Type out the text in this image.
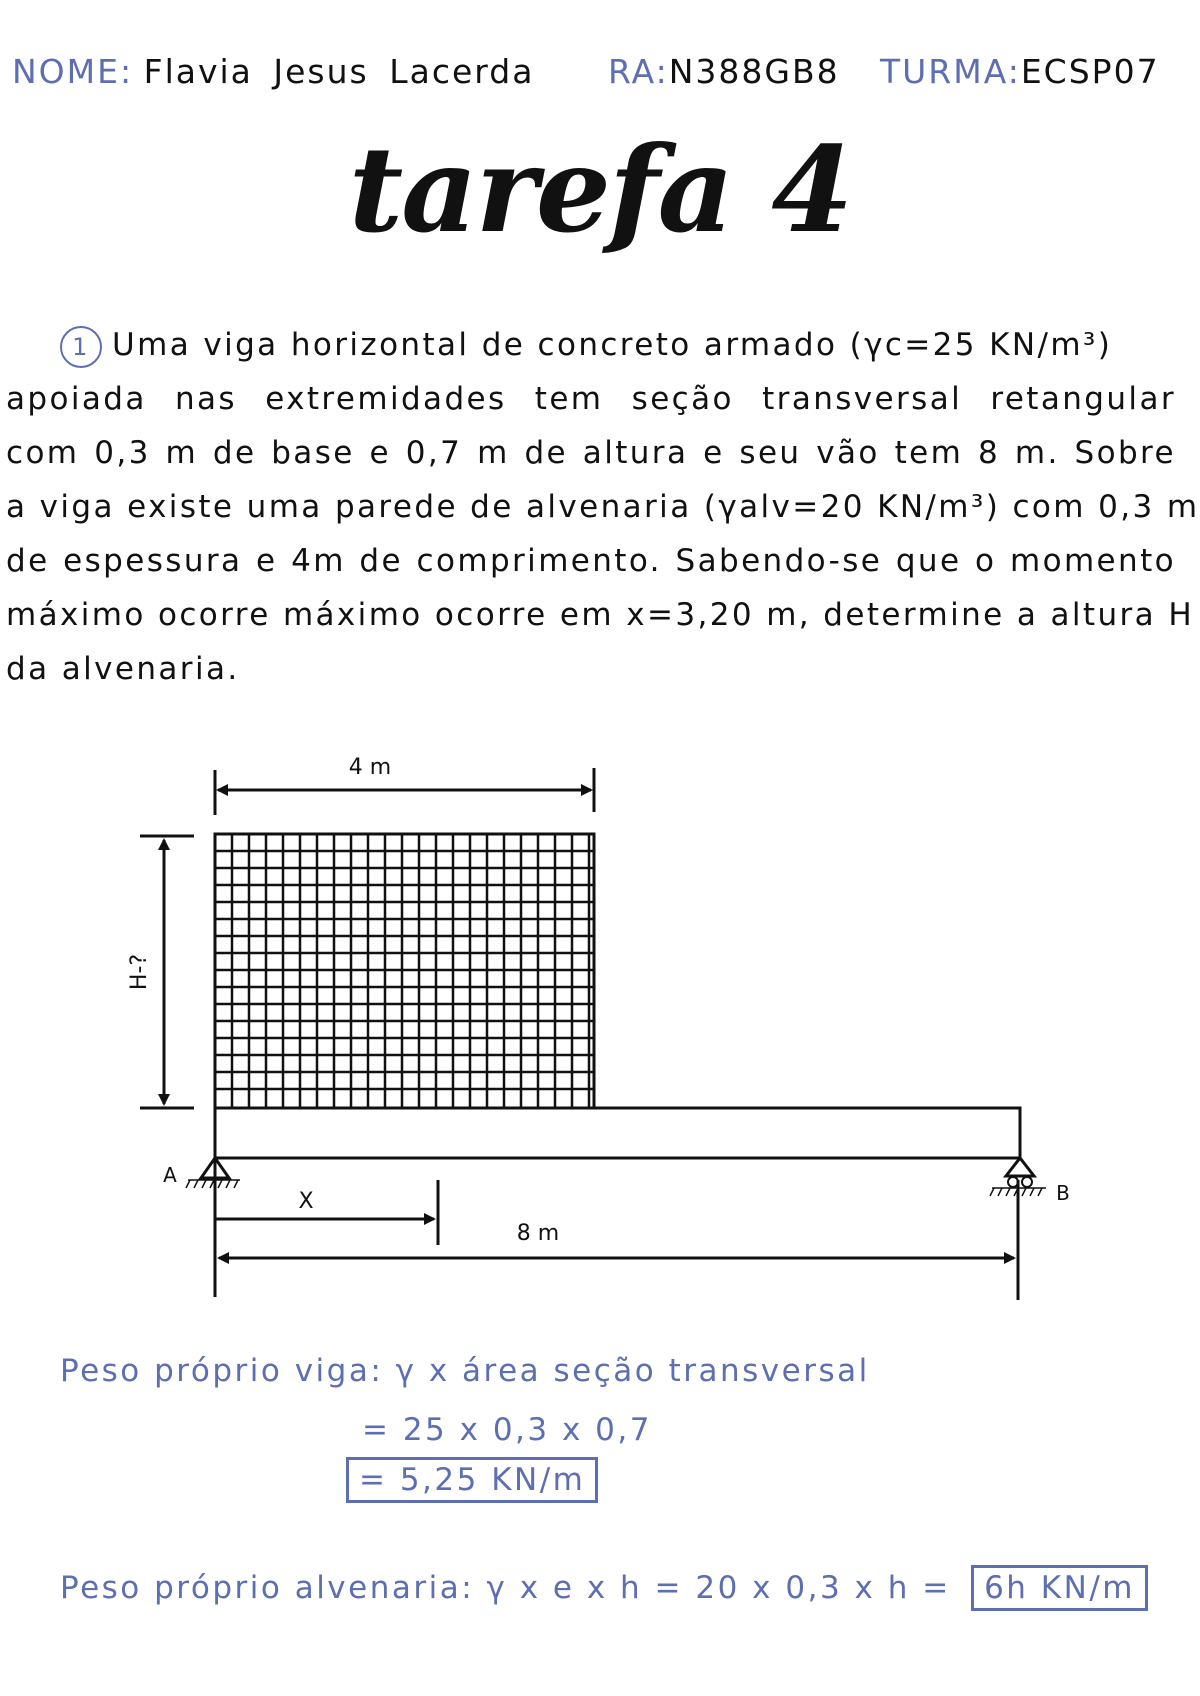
NOME: Flavia Jesus Lacerda RA:N388GB8 TURMA:ECSP07
tarefa 4
1 Uma viga horizontal de concreto armado (γc=25 KN/m³)
apoiada nas extremidades tem seção transversal retangular
com 0,3 m de base e 0,7 m de altura e seu vão tem 8 m. Sobre
a viga existe uma parede de alvenaria (γalv=20 KN/m³) com 0,3 m
de espessura e 4m de comprimento. Sabendo-se que o momento
máximo ocorre máximo ocorre em x=3,20 m, determine a altura H
da alvenaria.
4 m
H-?
A
B
X
8 m
Peso próprio viga: γ x área seção transversal
= 25 x 0,3 x 0,7
= 5,25 KN/m
Peso próprio alvenaria: γ x e x h = 20 x 0,3 x h = 6h KN/m
